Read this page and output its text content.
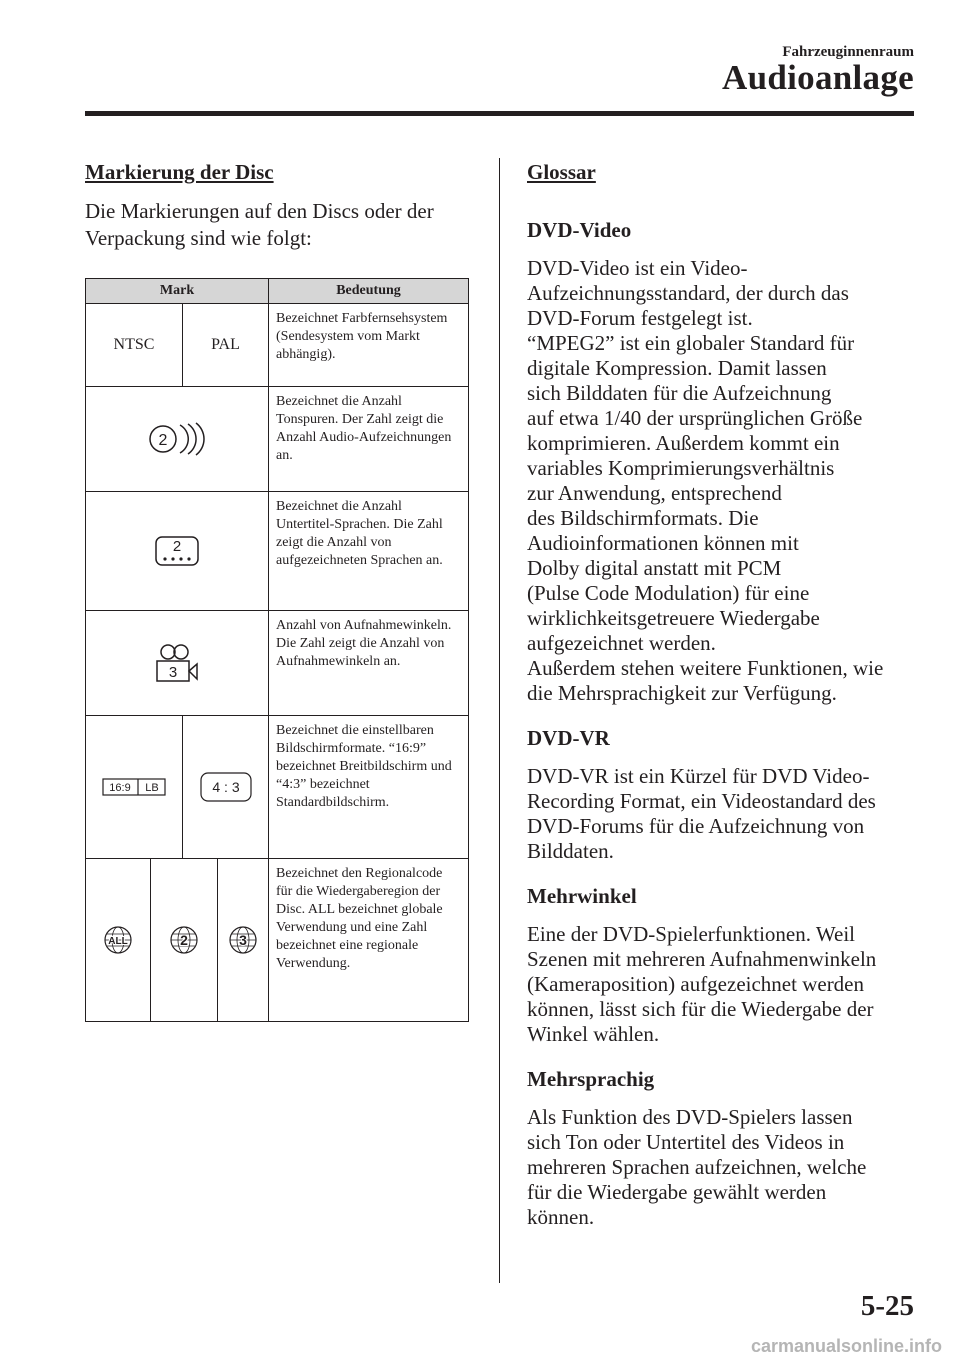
Fahrzeuginnenraum
Audioanlage

Markierung der Disc

Die Markierungen auf den Discs oder der Verpackung sind wie folgt:

Mark	Bedeutung

NTSC PAL	Bezeichnet Farbfernsehsystem (Sendesystem vom Markt abhängig).

2	Bezeichnet die Anzahl Tonspuren. Der Zahl zeigt die Anzahl Audio-Aufzeichnungen an.

2	Bezeichnet die Anzahl Untertitel-Sprachen. Die Zahl zeigt die Anzahl von aufgezeichneten Sprachen an.

3	Anzahl von Aufnahmewinkeln. Die Zahl zeigt die Anzahl von Aufnahmewinkeln an.

16:9 LB 4 : 3	Bezeichnet die einstellbaren Bildschirmformate. “16:9” bezeichnet Breitbildschirm und “4:3” bezeichnet Standardbildschirm.

ALL 2 3	Bezeichnet den Regionalcode für die Wiedergaberegion der Disc. ALL bezeichnet globale Verwendung und eine Zahl bezeichnet eine regionale Verwendung.

Glossar

DVD-Video

DVD-Video ist ein Video-
Aufzeichnungsstandard, der durch das
DVD-Forum festgelegt ist.
“MPEG2” ist ein globaler Standard für
digitale Kompression. Damit lassen
sich Bilddaten für die Aufzeichnung
auf etwa 1/40 der ursprünglichen Größe
komprimieren. Außerdem kommt ein
variables Komprimierungsverhältnis
zur Anwendung, entsprechend
des Bildschirmformats. Die
Audioinformationen können mit
Dolby digital anstatt mit PCM
(Pulse Code Modulation) für eine
wirklichkeitsgetreuere Wiedergabe
aufgezeichnet werden.
Außerdem stehen weitere Funktionen, wie
die Mehrsprachigkeit zur Verfügung.

DVD-VR

DVD-VR ist ein Kürzel für DVD Video-
Recording Format, ein Videostandard des
DVD-Forums für die Aufzeichnung von
Bilddaten.

Mehrwinkel

Eine der DVD-Spielerfunktionen. Weil
Szenen mit mehreren Aufnahmenwinkeln
(Kameraposition) aufgezeichnet werden
können, lässt sich für die Wiedergabe der
Winkel wählen.

Mehrsprachig

Als Funktion des DVD-Spielers lassen
sich Ton oder Untertitel des Videos in
mehreren Sprachen aufzeichnen, welche
für die Wiedergabe gewählt werden
können.

5-25
carmanualsonline.info
